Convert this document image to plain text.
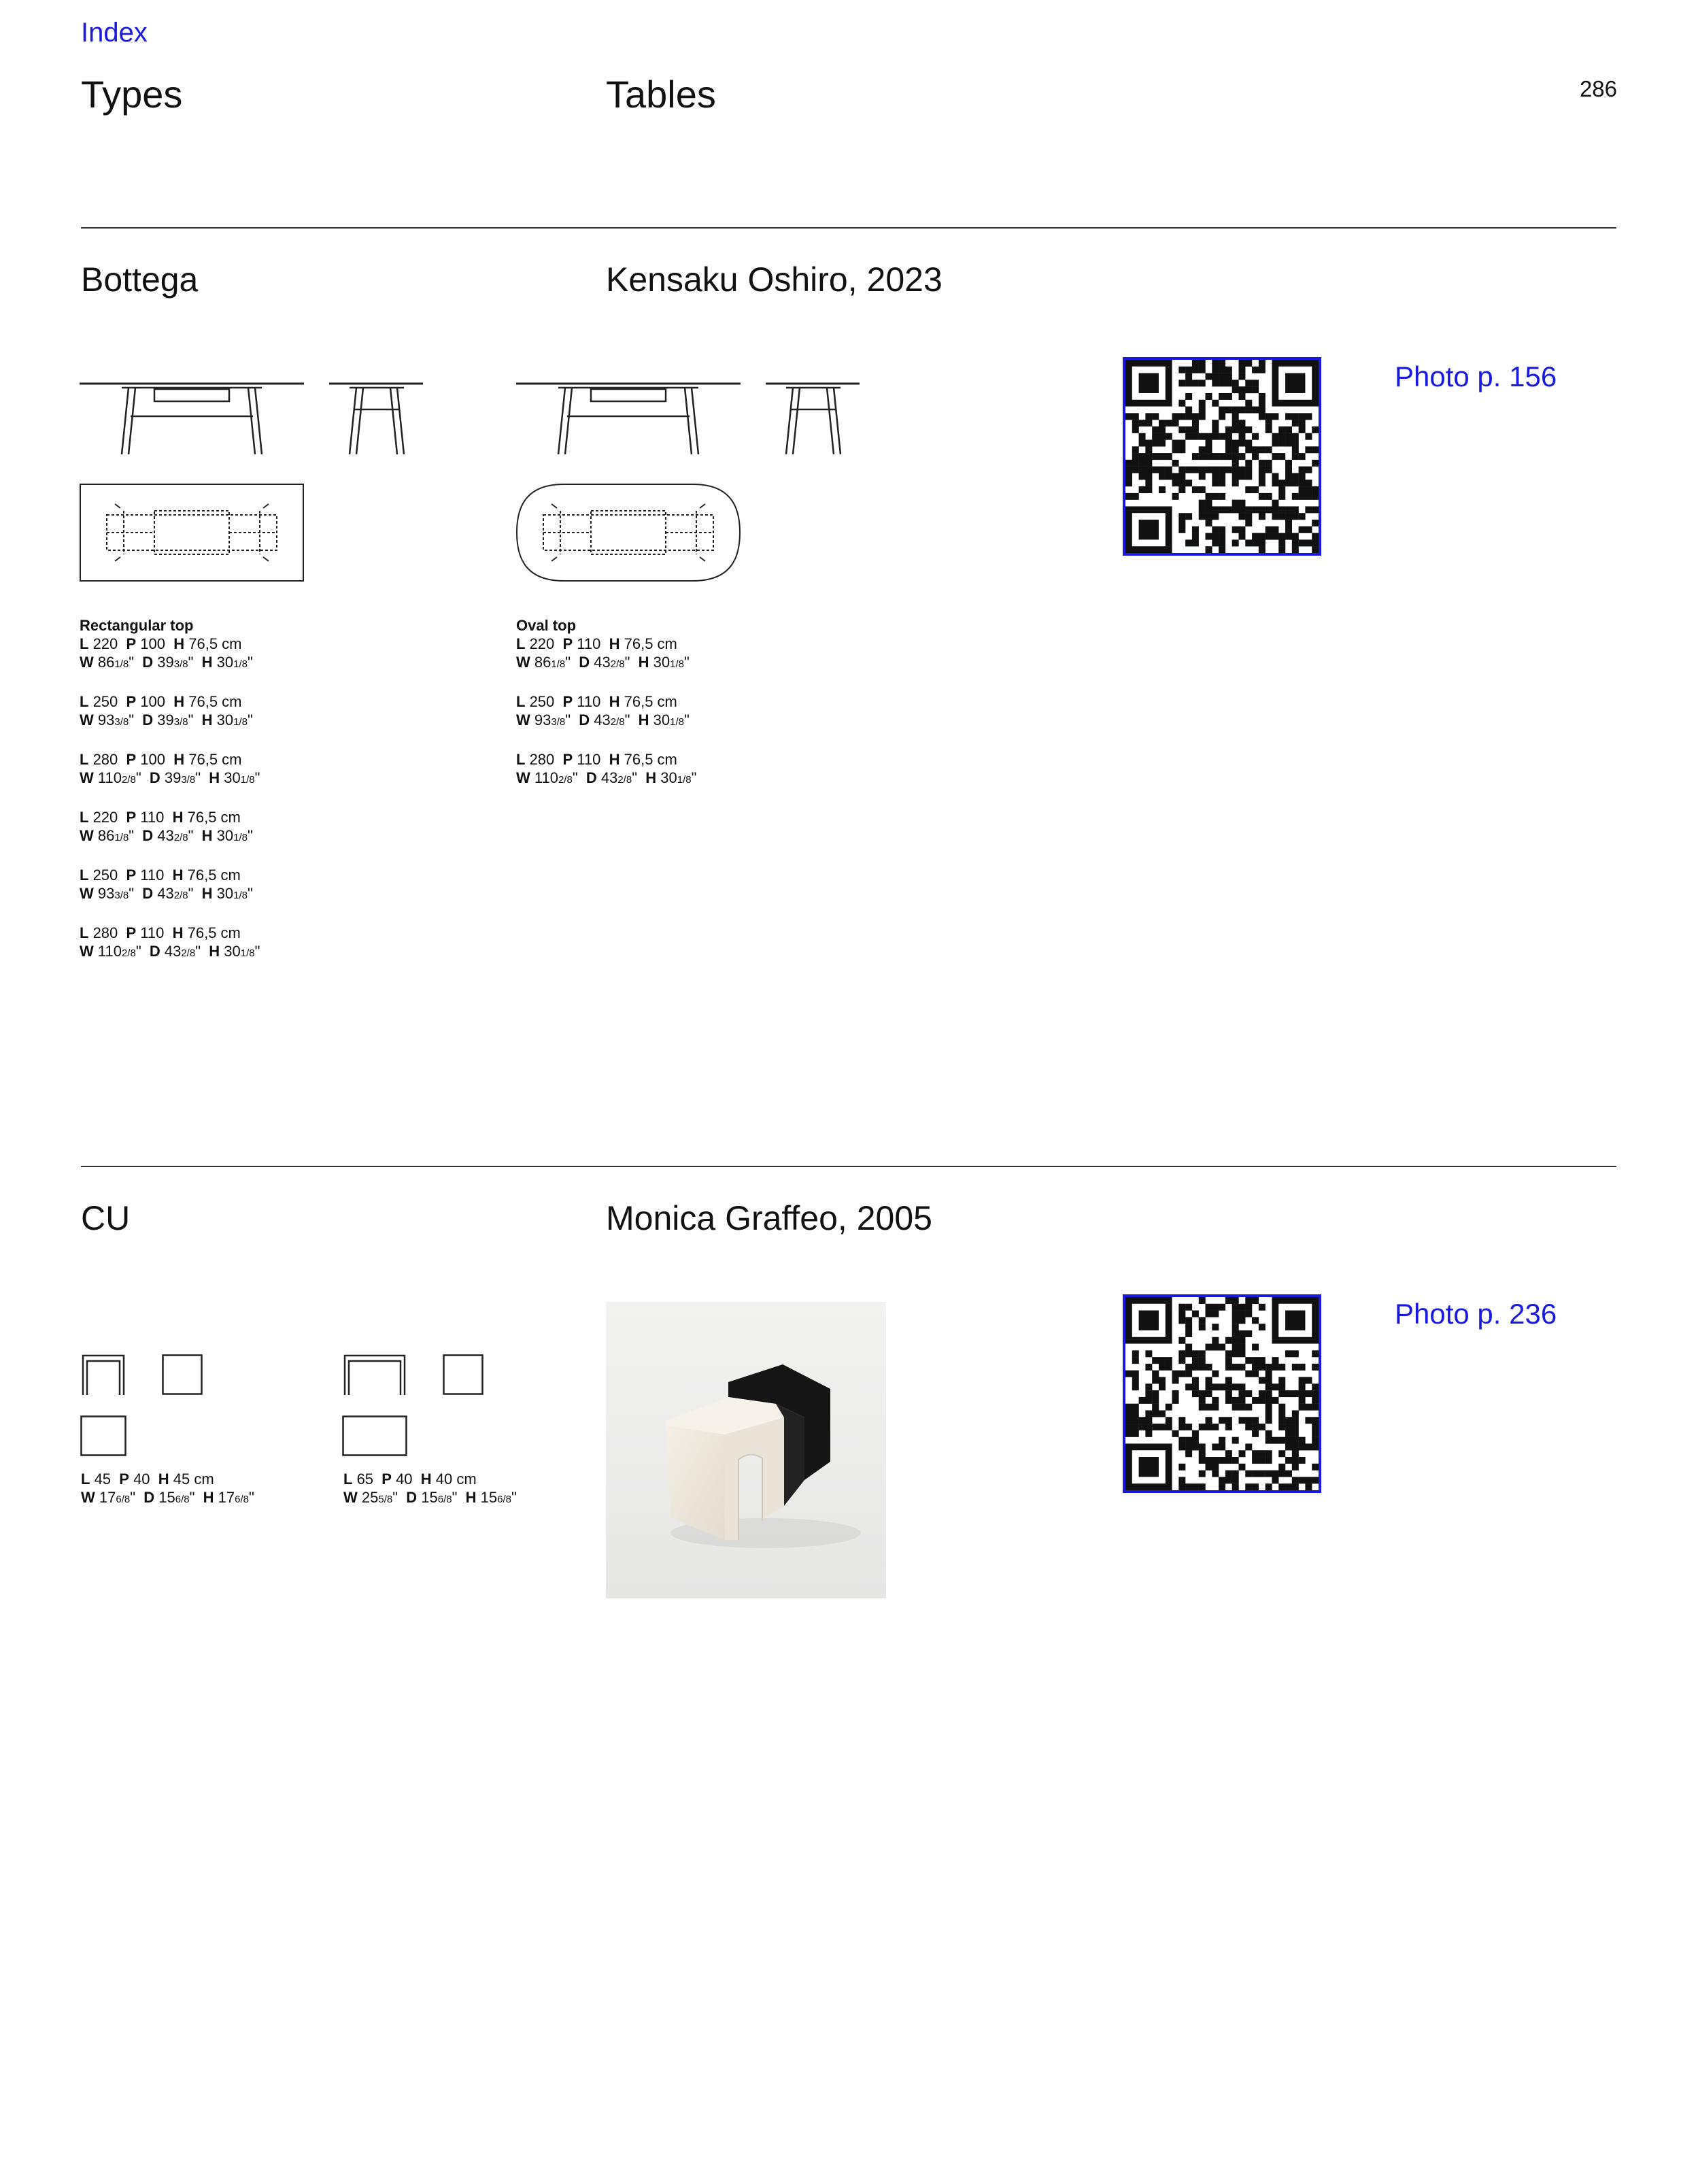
Index
Types	Tables	286
Bottega	Kensaku Oshiro, 2023
Rectangular top
L 220  P 100  H 76,5 cm
W 861/8"  D 393/8"  H 301/8"
L 250  P 100  H 76,5 cm
W 933/8"  D 393/8"  H 301/8"
L 280  P 100  H 76,5 cm
W 1102/8"  D 393/8"  H 301/8"
L 220  P 110  H 76,5 cm
W 861/8"  D 432/8"  H 301/8"
L 250  P 110  H 76,5 cm
W 933/8"  D 432/8"  H 301/8"
L 280  P 110  H 76,5 cm
W 1102/8"  D 432/8"  H 301/8"
Oval top
L 220  P 110  H 76,5 cm
W 861/8"  D 432/8"  H 301/8"
L 250  P 110  H 76,5 cm
W 933/8"  D 432/8"  H 301/8"
L 280  P 110  H 76,5 cm
W 1102/8"  D 432/8"  H 301/8"
Photo p. 156
CU	Monica Graffeo, 2005
L 45  P 40  H 45 cm
W 176/8"  D 156/8"  H 176/8"
L 65  P 40  H 40 cm
W 255/8"  D 156/8"  H 156/8"
Photo p. 236
